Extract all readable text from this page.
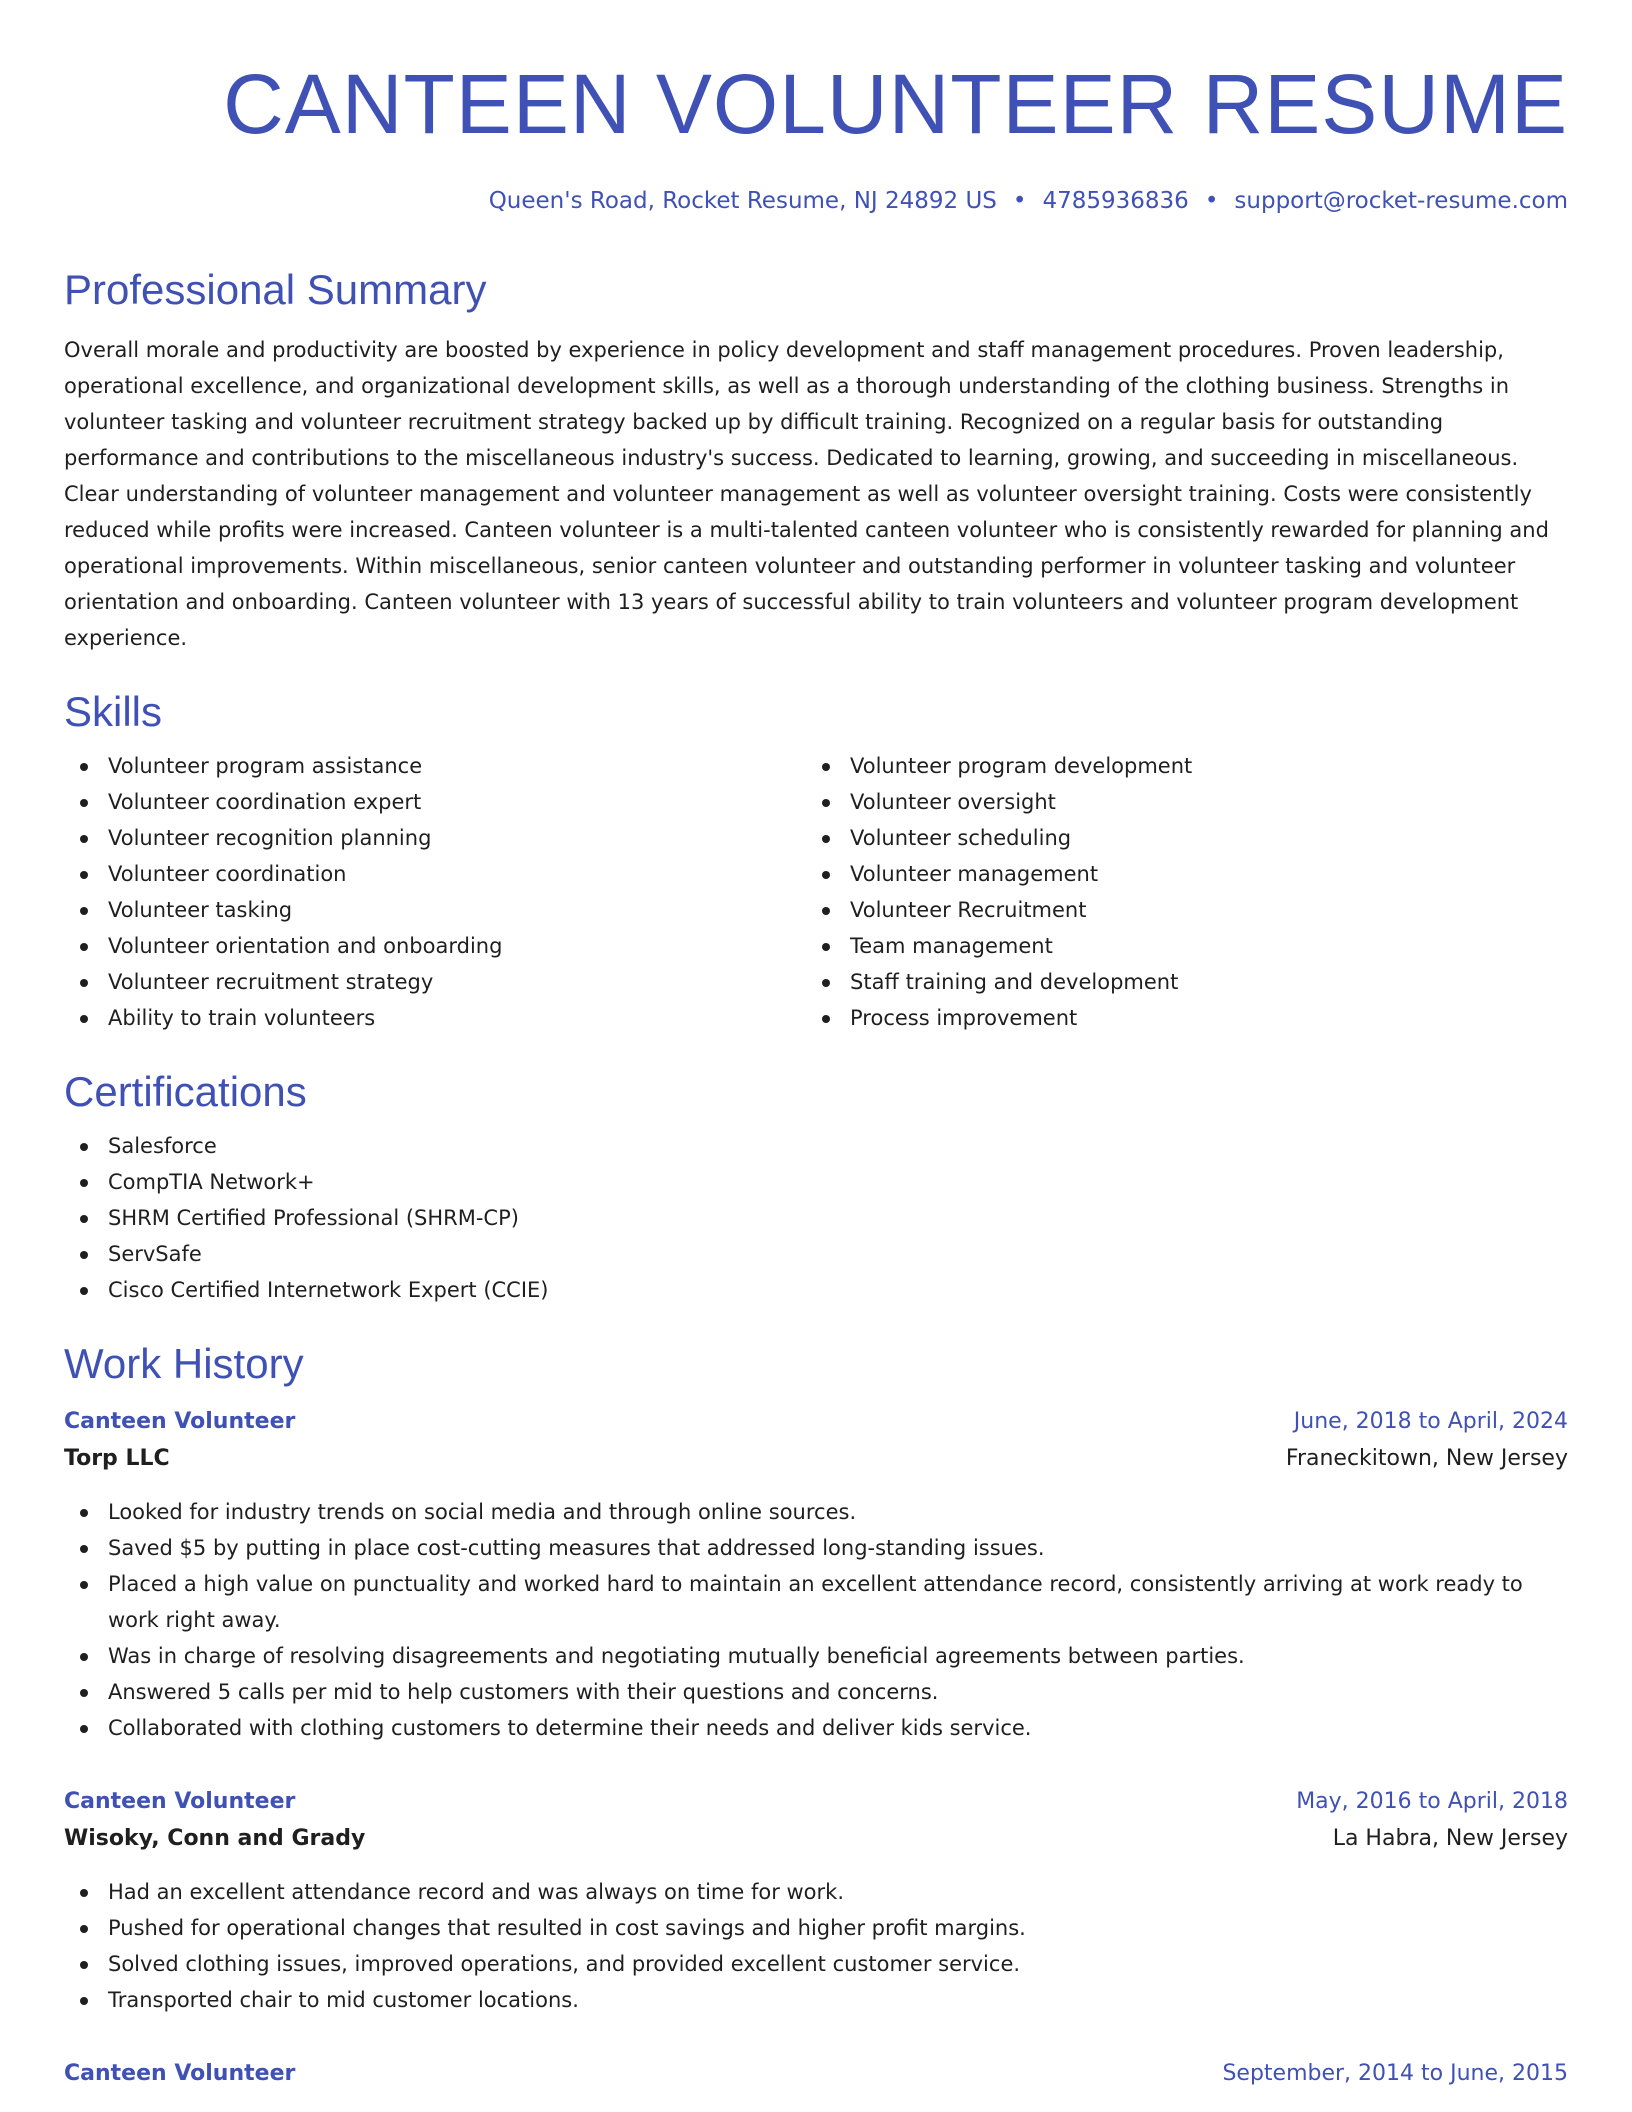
CANTEEN VOLUNTEER RESUME
Queen's Road, Rocket Resume, NJ 24892 US • 4785936836 • support@rocket-resume.com
Professional Summary

Overall morale and productivity are boosted by experience in policy development and staff management procedures. Proven leadership, operational excellence, and organizational development skills, as well as a thorough understanding of the clothing business. Strengths in volunteer tasking and volunteer recruitment strategy backed up by difficult training. Recognized on a regular basis for outstanding performance and contributions to the miscellaneous industry's success. Dedicated to learning, growing, and succeeding in miscellaneous. Clear understanding of volunteer management and volunteer management as well as volunteer oversight training. Costs were consistently reduced while profits were increased. Canteen volunteer is a multi-talented canteen volunteer who is consistently rewarded for planning and operational improvements. Within miscellaneous, senior canteen volunteer and outstanding performer in volunteer tasking and volunteer orientation and onboarding. Canteen volunteer with 13 years of successful ability to train volunteers and volunteer program development experience.

Skills
Volunteer program assistance
Volunteer coordination expert
Volunteer recognition planning
Volunteer coordination
Volunteer tasking
Volunteer orientation and onboarding
Volunteer recruitment strategy
Ability to train volunteers
Volunteer program development
Volunteer oversight
Volunteer scheduling
Volunteer management
Volunteer Recruitment
Team management
Staff training and development
Process improvement
Certifications
Salesforce
CompTIA Network+
SHRM Certified Professional (SHRM-CP)
ServSafe
Cisco Certified Internetwork Expert (CCIE)
Work History
Canteen Volunteer	June, 2018 to April, 2024
Torp LLC	Franeckitown, New Jersey
Looked for industry trends on social media and through online sources.
Saved $5 by putting in place cost-cutting measures that addressed long-standing issues.
Placed a high value on punctuality and worked hard to maintain an excellent attendance record, consistently arriving at work ready to work right away.
Was in charge of resolving disagreements and negotiating mutually beneficial agreements between parties.
Answered 5 calls per mid to help customers with their questions and concerns.
Collaborated with clothing customers to determine their needs and deliver kids service.
Canteen Volunteer	May, 2016 to April, 2018
Wisoky, Conn and Grady	La Habra, New Jersey
Had an excellent attendance record and was always on time for work.
Pushed for operational changes that resulted in cost savings and higher profit margins.
Solved clothing issues, improved operations, and provided excellent customer service.
Transported chair to mid customer locations.
Canteen Volunteer	September, 2014 to June, 2015
